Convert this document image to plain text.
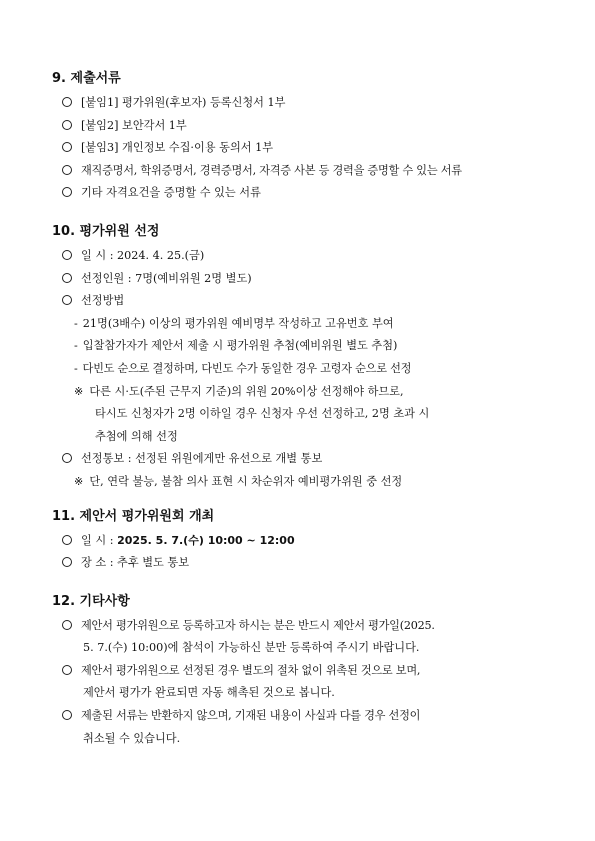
9. 제출서류
[붙임1] 평가위원(후보자) 등록신청서 1부
[붙임2] 보안각서 1부
[붙임3] 개인정보 수집·이용 동의서 1부
재직증명서, 학위증명서, 경력증명서, 자격증 사본 등 경력을 증명할 수 있는 서류
기타 자격요건을 증명할 수 있는 서류
10. 평가위원 선정
일 시 : 2024. 4. 25.(금)
선정인원 : 7명(예비위원 2명 별도)
선정방법
- 21명(3배수) 이상의 평가위원 예비명부 작성하고 고유번호 부여
- 입찰참가자가 제안서 제출 시 평가위원 추첨(예비위원 별도 추첨)
- 다빈도 순으로 결정하며, 다빈도 수가 동일한 경우 고령자 순으로 선정
※ 다른 시·도(주된 근무지 기준)의 위원 20%이상 선정해야 하므로,
타시도 신청자가 2명 이하일 경우 신청자 우선 선정하고, 2명 초과 시
추첨에 의해 선정
선정통보 : 선정된 위원에게만 유선으로 개별 통보
※ 단, 연락 불능, 불참 의사 표현 시 차순위자 예비평가위원 중 선정
11. 제안서 평가위원회 개최
일 시 : 2025. 5. 7.(수) 10:00 ~ 12:00
장 소 : 추후 별도 통보
12. 기타사항
제안서 평가위원으로 등록하고자 하시는 분은 반드시 제안서 평가일(2025.
5. 7.(수) 10:00)에 참석이 가능하신 분만 등록하여 주시기 바랍니다.
제안서 평가위원으로 선정된 경우 별도의 절차 없이 위촉된 것으로 보며,
제안서 평가가 완료되면 자동 해촉된 것으로 봅니다.
제출된 서류는 반환하지 않으며, 기재된 내용이 사실과 다를 경우 선정이
취소될 수 있습니다.
